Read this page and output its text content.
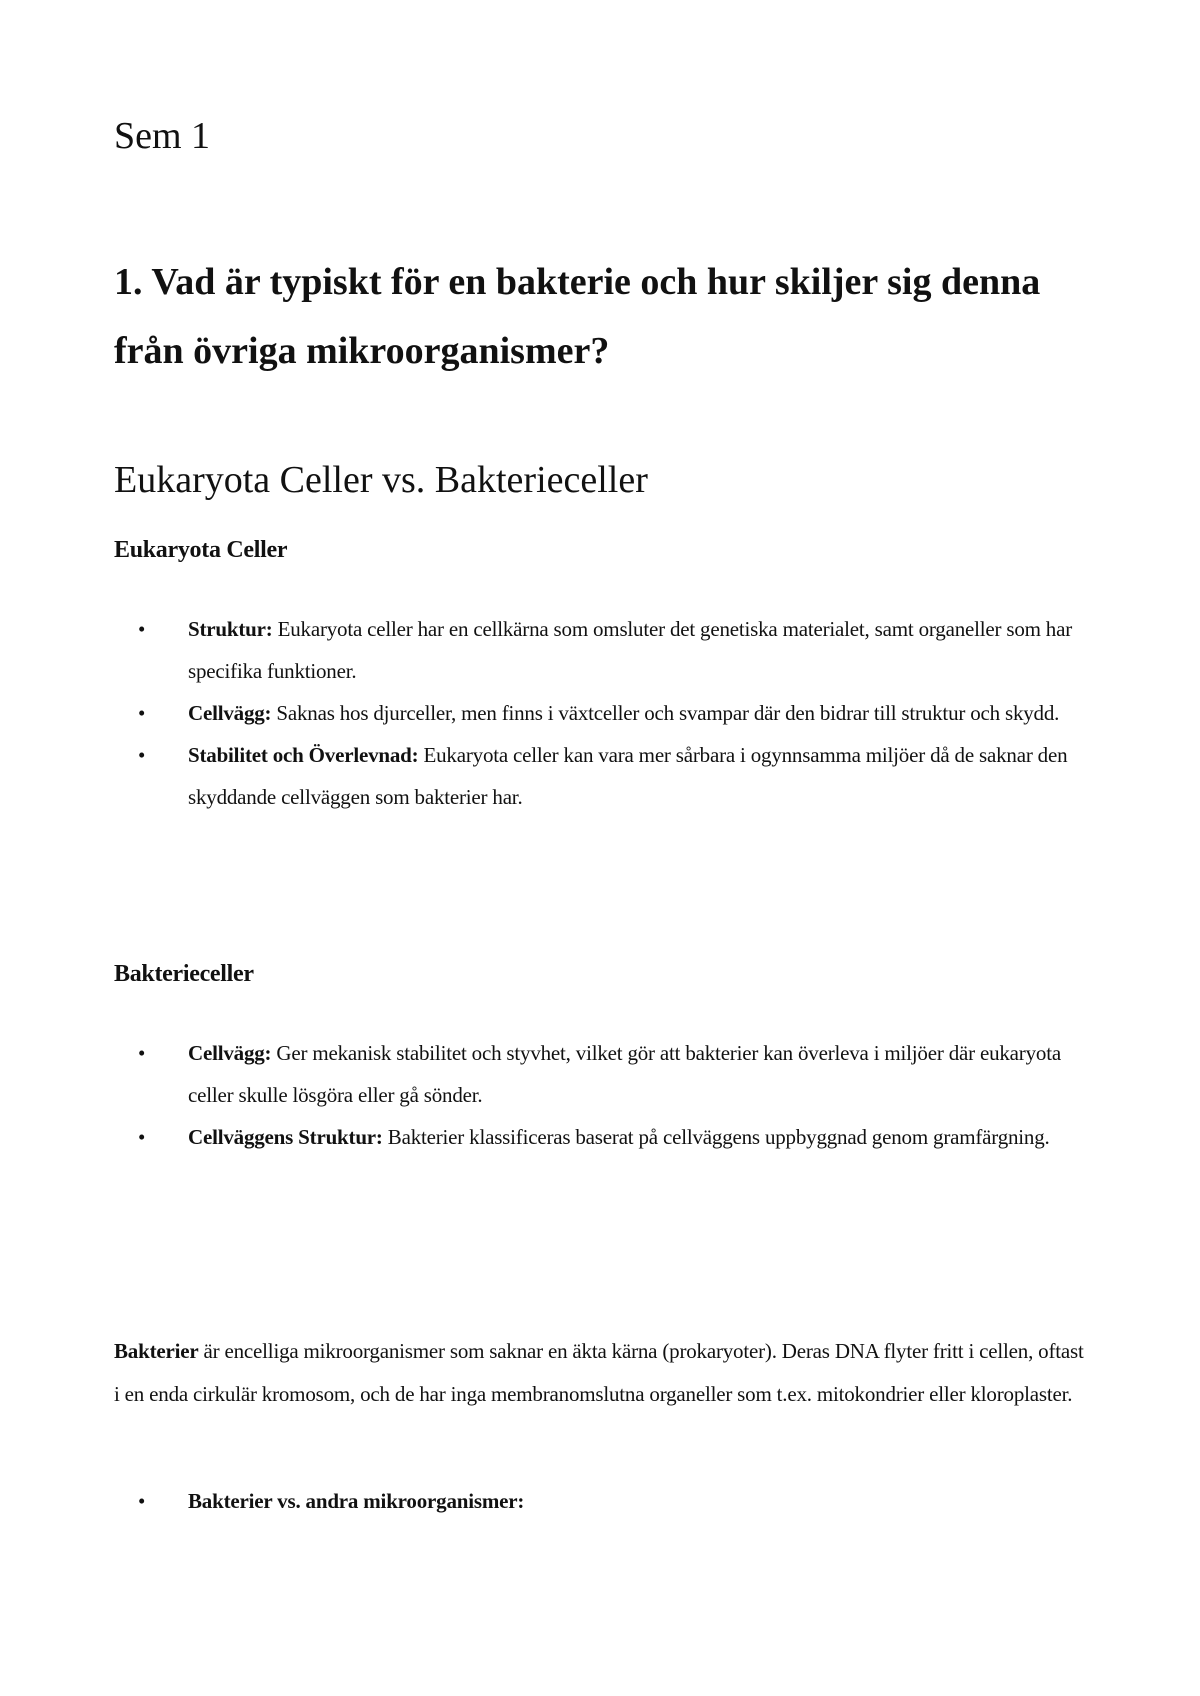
Sem 1
1. Vad är typiskt för en bakterie och hur skiljer sig denna från övriga mikroorganismer?
Eukaryota Celler vs. Bakterieceller
Eukaryota Celler
• Struktur: Eukaryota celler har en cellkärna som omsluter det genetiska materialet, samt organeller som har specifika funktioner.
• Cellvägg: Saknas hos djurceller, men finns i växtceller och svampar där den bidrar till struktur och skydd.
• Stabilitet och Överlevnad: Eukaryota celler kan vara mer sårbara i ogynnsamma miljöer då de saknar den skyddande cellväggen som bakterier har.
Bakterieceller
• Cellvägg: Ger mekanisk stabilitet och styvhet, vilket gör att bakterier kan överleva i miljöer där eukaryota celler skulle lösgöra eller gå sönder.
• Cellväggens Struktur: Bakterier klassificeras baserat på cellväggens uppbyggnad genom gramfärgning.

Bakterier är encelliga mikroorganismer som saknar en äkta kärna (prokaryoter). Deras DNA flyter fritt i cellen, oftast i en enda cirkulär kromosom, och de har inga membranomslutna organeller som t.ex. mitokondrier eller kloroplaster.

• Bakterier vs. andra mikroorganismer:
